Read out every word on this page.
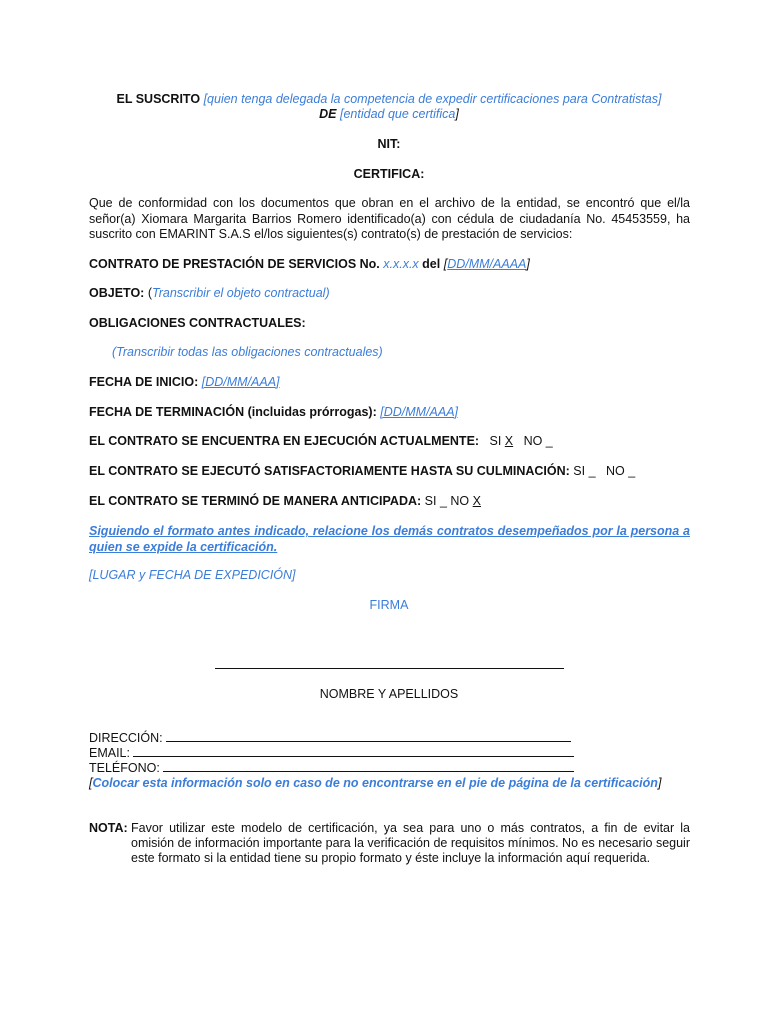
EL SUSCRITO [quien tenga delegada la competencia de expedir certificaciones para Contratistas]
DE [entidad que certifica]
NIT:
CERTIFICA:
Que de conformidad con los documentos que obran en el archivo de la entidad, se encontró que el/la señor(a) Xiomara Margarita Barrios Romero identificado(a) con cédula de ciudadanía No. 45453559, ha suscrito con EMARINT S.A.S el/los siguientes(s) contrato(s) de prestación de servicios:
CONTRATO DE PRESTACIÓN DE SERVICIOS No. x.x.x.x del [DD/MM/AAAA]
OBJETO: (Transcribir el objeto contractual)
OBLIGACIONES CONTRACTUALES:
(Transcribir todas las obligaciones contractuales)
FECHA DE INICIO: [DD/MM/AAA]
FECHA DE TERMINACIÓN (incluidas prórrogas): [DD/MM/AAA]
EL CONTRATO SE ENCUENTRA EN EJECUCIÓN ACTUALMENTE: SI X NO _
EL CONTRATO SE EJECUTÓ SATISFACTORIAMENTE HASTA SU CULMINACIÓN: SI _ NO _
EL CONTRATO SE TERMINÓ DE MANERA ANTICIPADA: SI _ NO X
Siguiendo el formato antes indicado, relacione los demás contratos desempeñados por la persona a quien se expide la certificación.
[LUGAR y FECHA DE EXPEDICIÓN]
FIRMA
NOMBRE Y APELLIDOS
DIRECCIÓN:
EMAIL:
TELÉFONO:
[Colocar esta información solo en caso de no encontrarse en el pie de página de la certificación]
NOTA: Favor utilizar este modelo de certificación, ya sea para uno o más contratos, a fin de evitar la omisión de información importante para la verificación de requisitos mínimos. No es necesario seguir este formato si la entidad tiene su propio formato y éste incluye la información aquí requerida.
